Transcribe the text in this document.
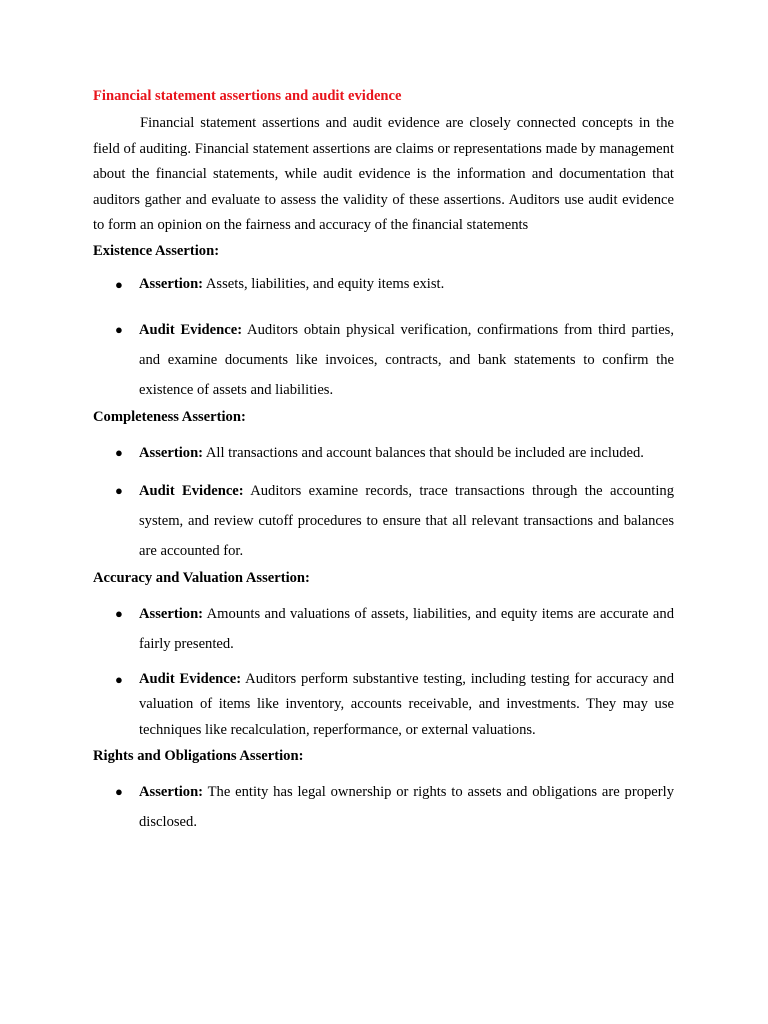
Financial statement assertions and audit evidence

Financial statement assertions and audit evidence are closely connected concepts in the field of auditing. Financial statement assertions are claims or representations made by management about the financial statements, while audit evidence is the information and documentation that auditors gather and evaluate to assess the validity of these assertions. Auditors use audit evidence to form an opinion on the fairness and accuracy of the financial statements

Existence Assertion:
● Assertion: Assets, liabilities, and equity items exist.
● Audit Evidence: Auditors obtain physical verification, confirmations from third parties, and examine documents like invoices, contracts, and bank statements to confirm the existence of assets and liabilities.
Completeness Assertion:
● Assertion: All transactions and account balances that should be included are included.
● Audit Evidence: Auditors examine records, trace transactions through the accounting system, and review cutoff procedures to ensure that all relevant transactions and balances are accounted for.
Accuracy and Valuation Assertion:
● Assertion: Amounts and valuations of assets, liabilities, and equity items are accurate and fairly presented.
● Audit Evidence: Auditors perform substantive testing, including testing for accuracy and valuation of items like inventory, accounts receivable, and investments. They may use techniques like recalculation, reperformance, or external valuations.
Rights and Obligations Assertion:
● Assertion: The entity has legal ownership or rights to assets and obligations are properly disclosed.
